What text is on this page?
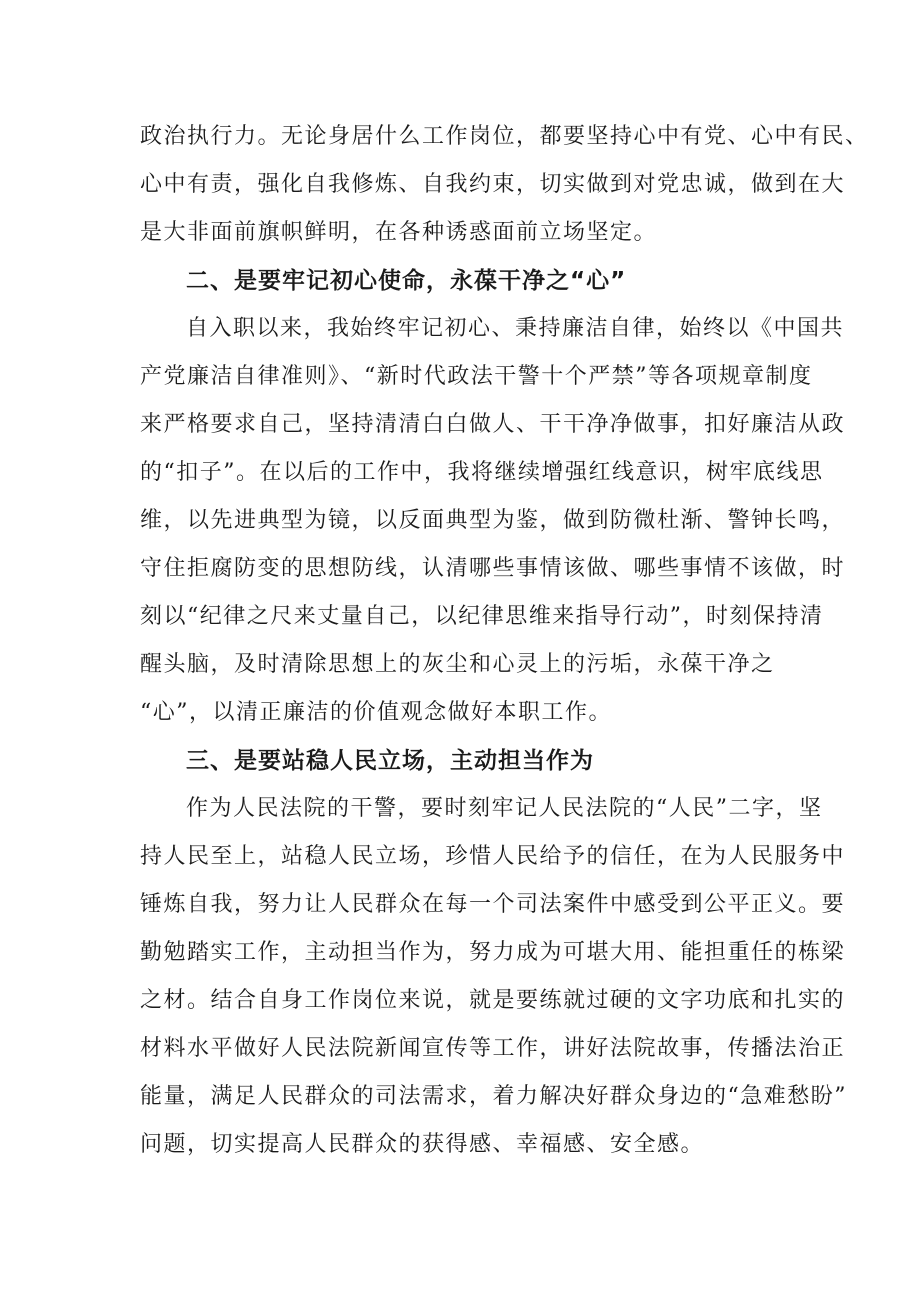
政治执行力。无论身居什么工作岗位，都要坚持心中有党、心中有民、
心中有责，强化自我修炼、自我约束，切实做到对党忠诚，做到在大
是大非面前旗帜鲜明，在各种诱惑面前立场坚定。
二、是要牢记初心使命，永葆干净之“心”
自入职以来，我始终牢记初心、秉持廉洁自律，始终以《中国共
产党廉洁自律准则》、“新时代政法干警十个严禁”等各项规章制度
来严格要求自己，坚持清清白白做人、干干净净做事，扣好廉洁从政
的“扣子”。在以后的工作中，我将继续增强红线意识，树牢底线思
维，以先进典型为镜，以反面典型为鉴，做到防微杜渐、警钟长鸣，
守住拒腐防变的思想防线，认清哪些事情该做、哪些事情不该做，时
刻以“纪律之尺来丈量自己，以纪律思维来指导行动”，时刻保持清
醒头脑，及时清除思想上的灰尘和心灵上的污垢，永葆干净之
“心”，以清正廉洁的价值观念做好本职工作。
三、是要站稳人民立场，主动担当作为
作为人民法院的干警，要时刻牢记人民法院的“人民”二字，坚
持人民至上，站稳人民立场，珍惜人民给予的信任，在为人民服务中
锤炼自我，努力让人民群众在每一个司法案件中感受到公平正义。要
勤勉踏实工作，主动担当作为，努力成为可堪大用、能担重任的栋梁
之材。结合自身工作岗位来说，就是要练就过硬的文字功底和扎实的
材料水平做好人民法院新闻宣传等工作，讲好法院故事，传播法治正
能量，满足人民群众的司法需求，着力解决好群众身边的“急难愁盼”
问题，切实提高人民群众的获得感、幸福感、安全感。
